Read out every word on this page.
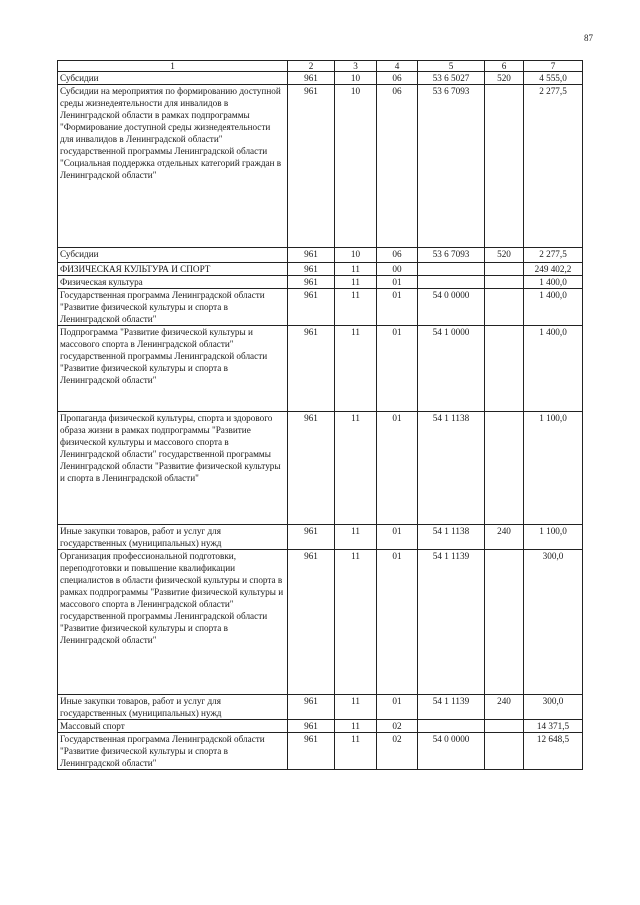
87
1	2	3	4	5	6	7
Субсидии	961	10	06	53 6 5027	520	4 555,0
Субсидии на мероприятия по формированию доступной среды жизнедеятельности для инвалидов в Ленинградской области в рамках подпрограммы "Формирование доступной среды жизнедеятельности для инвалидов в Ленинградской области" государственной программы Ленинградской области "Социальная поддержка отдельных категорий граждан в Ленинградской области"	961	10	06	53 6 7093		2 277,5
Субсидии	961	10	06	53 6 7093	520	2 277,5
ФИЗИЧЕСКАЯ КУЛЬТУРА И СПОРТ	961	11	00			249 402,2
Физическая культура	961	11	01			1 400,0
Государственная программа Ленинградской области "Развитие физической культуры и спорта в Ленинградской области"	961	11	01	54 0 0000		1 400,0
Подпрограмма "Развитие физической культуры и массового спорта в Ленинградской области" государственной программы Ленинградской области "Развитие физической культуры и спорта в Ленинградской области"	961	11	01	54 1 0000		1 400,0
Пропаганда физической культуры, спорта и здорового образа жизни в рамках подпрограммы "Развитие физической культуры и массового спорта в Ленинградской области" государственной программы Ленинградской области "Развитие физической культуры и спорта в Ленинградской области"	961	11	01	54 1 1138		1 100,0
Иные закупки товаров, работ и услуг для государственных (муниципальных) нужд	961	11	01	54 1 1138	240	1 100,0
Организация профессиональной подготовки, переподготовки и повышение квалификации специалистов в области физической культуры и спорта в рамках подпрограммы "Развитие физической культуры и массового спорта в Ленинградской области" государственной программы Ленинградской области "Развитие физической культуры и спорта в Ленинградской области"	961	11	01	54 1 1139		300,0
Иные закупки товаров, работ и услуг для государственных (муниципальных) нужд	961	11	01	54 1 1139	240	300,0
Массовый спорт	961	11	02			14 371,5
Государственная программа Ленинградской области "Развитие физической культуры и спорта в Ленинградской области"	961	11	02	54 0 0000		12 648,5
